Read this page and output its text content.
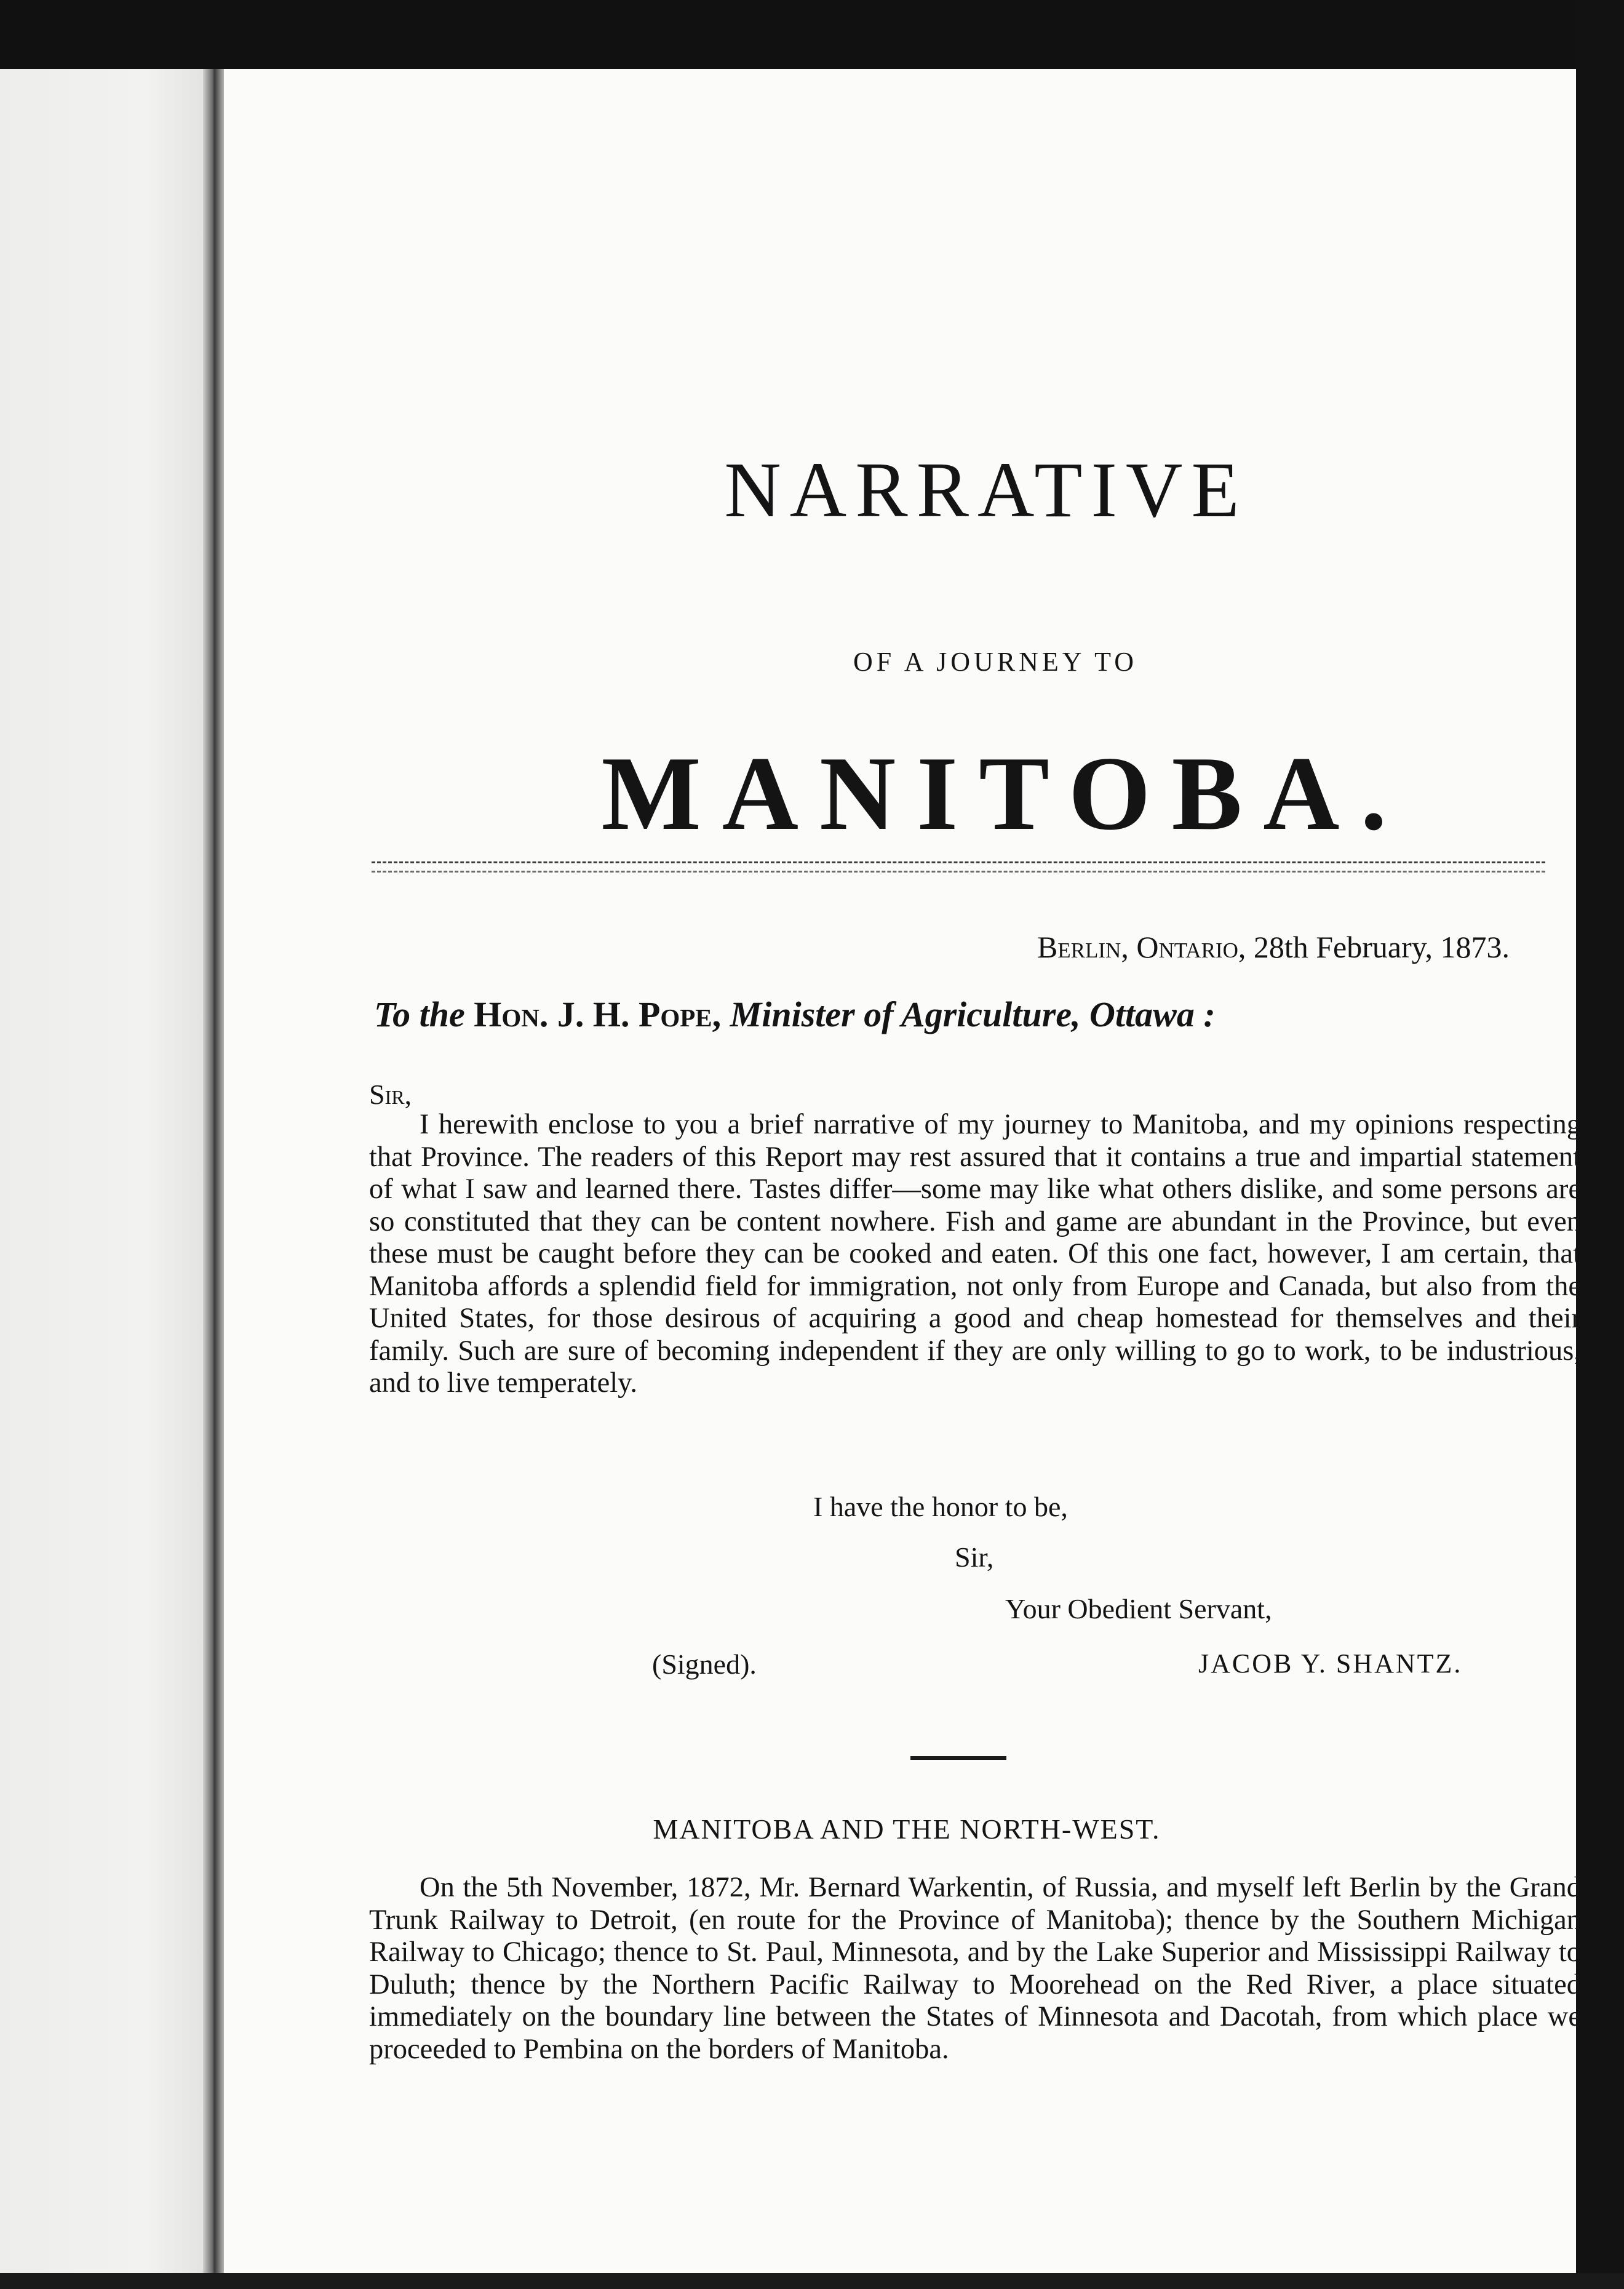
NARRATIVE
OF A JOURNEY TO
MANITOBA.
Berlin, Ontario, 28th February, 1873.
To the Hon. J. H. Pope, Minister of Agriculture, Ottawa :
Sir,

I herewith enclose to you a brief narrative of my journey to Manitoba, and my opinions respecting that Province. The readers of this Report may rest assured that it contains a true and impartial statement of what I saw and learned there. Tastes differ—some may like what others dislike, and some persons are so constituted that they can be content nowhere. Fish and game are abundant in the Province, but even these must be caught before they can be cooked and eaten. Of this one fact, however, I am certain, that Manitoba affords a splendid field for immigration, not only from Europe and Canada, but also from the United States, for those desirous of acquiring a good and cheap homestead for themselves and their family. Such are sure of becoming independent if they are only willing to go to work, to be industrious, and to live temperately.

I have the honor to be,
Sir,
Your Obedient Servant,
(Signed).	JACOB Y. SHANTZ.
MANITOBA AND THE NORTH-WEST.

On the 5th November, 1872, Mr. Bernard Warkentin, of Russia, and myself left Berlin by the Grand Trunk Railway to Detroit, (en route for the Province of Manitoba); thence by the Southern Michigan Railway to Chicago; thence to St. Paul, Minnesota, and by the Lake Superior and Mississippi Railway to Duluth; thence by the Northern Pacific Railway to Moorehead on the Red River, a place situated immediately on the boundary line between the States of Minnesota and Dacotah, from which place we proceeded to Pembina on the borders of Manitoba.
